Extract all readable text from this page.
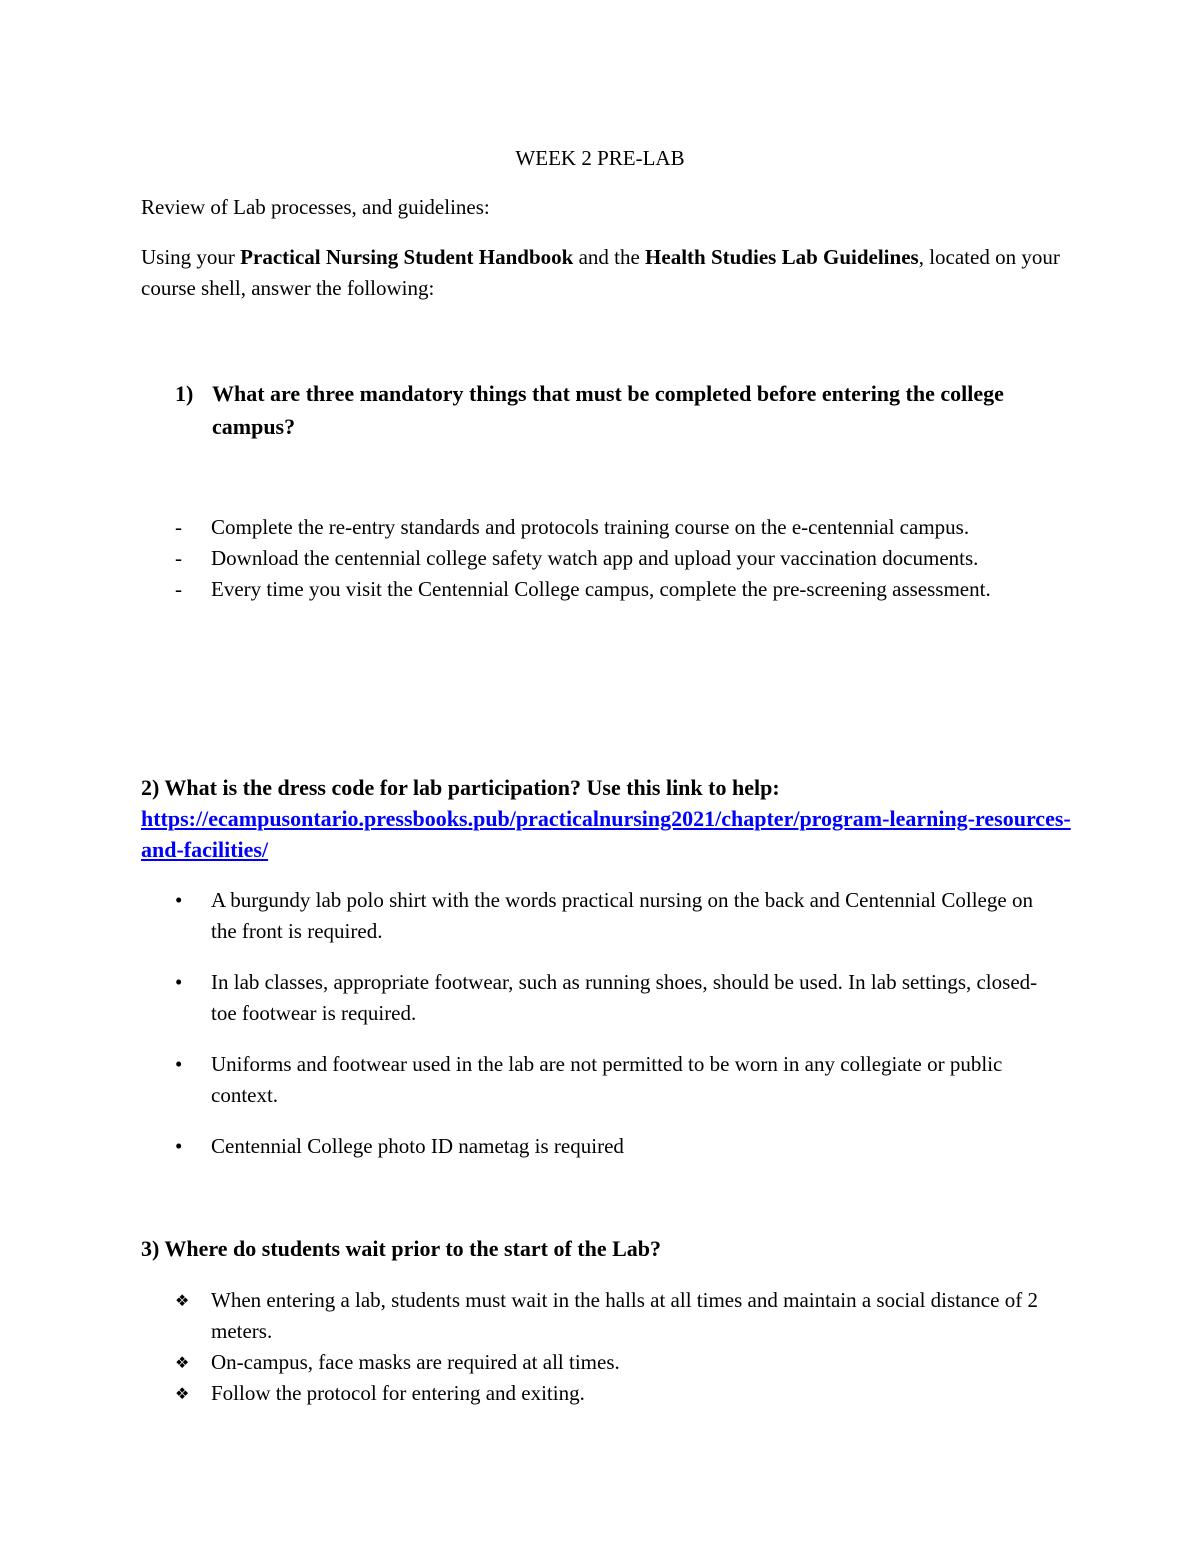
WEEK 2 PRE-LAB
Review of Lab processes, and guidelines:
Using your Practical Nursing Student Handbook and the Health Studies Lab Guidelines, located on your course shell, answer the following:
1) What are three mandatory things that must be completed before entering the college campus?
- Complete the re-entry standards and protocols training course on the e-centennial campus.
- Download the centennial college safety watch app and upload your vaccination documents.
- Every time you visit the Centennial College campus, complete the pre-screening assessment.
2) What is the dress code for lab participation? Use this link to help:
https://ecampusontario.pressbooks.pub/practicalnursing2021/chapter/program-learning-resources-and-facilities/
• A burgundy lab polo shirt with the words practical nursing on the back and Centennial College on the front is required.
• In lab classes, appropriate footwear, such as running shoes, should be used. In lab settings, closed-toe footwear is required.
• Uniforms and footwear used in the lab are not permitted to be worn in any collegiate or public context.
• Centennial College photo ID nametag is required
3) Where do students wait prior to the start of the Lab?
❖ When entering a lab, students must wait in the halls at all times and maintain a social distance of 2 meters.
❖ On-campus, face masks are required at all times.
❖ Follow the protocol for entering and exiting.
